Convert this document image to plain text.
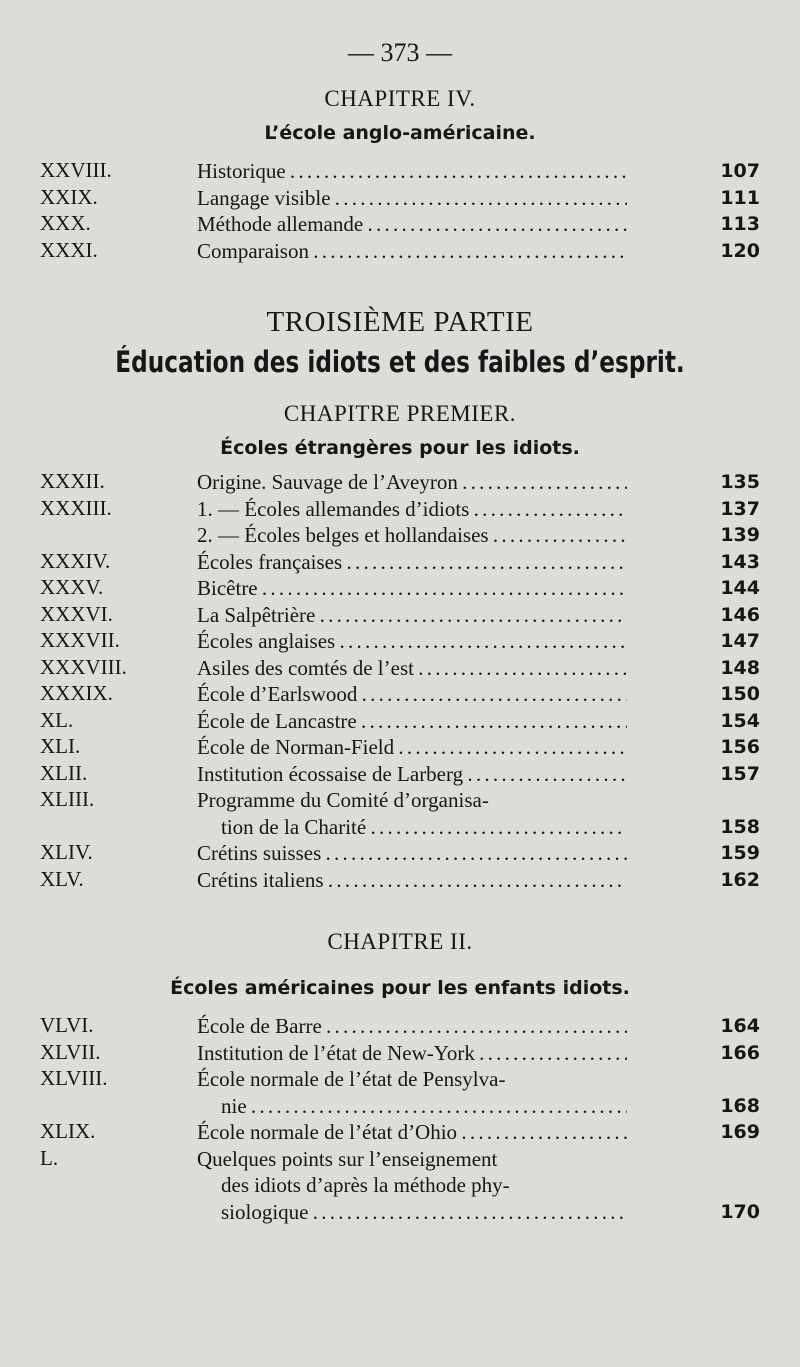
— 373 —
CHAPITRE IV.
L’école anglo-américaine.
XXVIII.	Historique . . .	107
XXIX.	Langage visible . . .	111
XXX.	Méthode allemande . . .	113
XXXI.	Comparaison . . .	120
TROISIÈME PARTIE
Éducation des idiots et des faibles d’esprit.
CHAPITRE PREMIER.
Écoles étrangères pour les idiots.
XXXII.	Origine. Sauvage de l’Aveyron . . .	135
XXXIII.	1. — Écoles allemandes d’idiots . . .	137
2. — Écoles belges et hollandaises . . .	139
XXXIV.	Écoles françaises . . .	143
XXXV.	Bicêtre . . .	144
XXXVI.	La Salpêtrière . . .	146
XXXVII.	Écoles anglaises . . .	147
XXXVIII.	Asiles des comtés de l’est . . .	148
XXXIX.	École d’Earlswood . . .	150
XL.	École de Lancastre . . .	154
XLI.	École de Norman-Field . . .	156
XLII.	Institution écossaise de Larberg . . .	157
XLIII.	Programme du Comité d’organisa-
tion de la Charité . . .	158
XLIV.	Crétins suisses . . .	159
XLV.	Crétins italiens . . .	162
CHAPITRE II.
Écoles américaines pour les enfants idiots.
VLVI.	École de Barre . . .	164
XLVII.	Institution de l’état de New-York . . .	166
XLVIII.	École normale de l’état de Pensylva-
nie . . .	168
XLIX.	École normale de l’état d’Ohio . . .	169
L.	Quelques points sur l’enseignement
des idiots d’après la méthode phy-
siologique . . .	170
